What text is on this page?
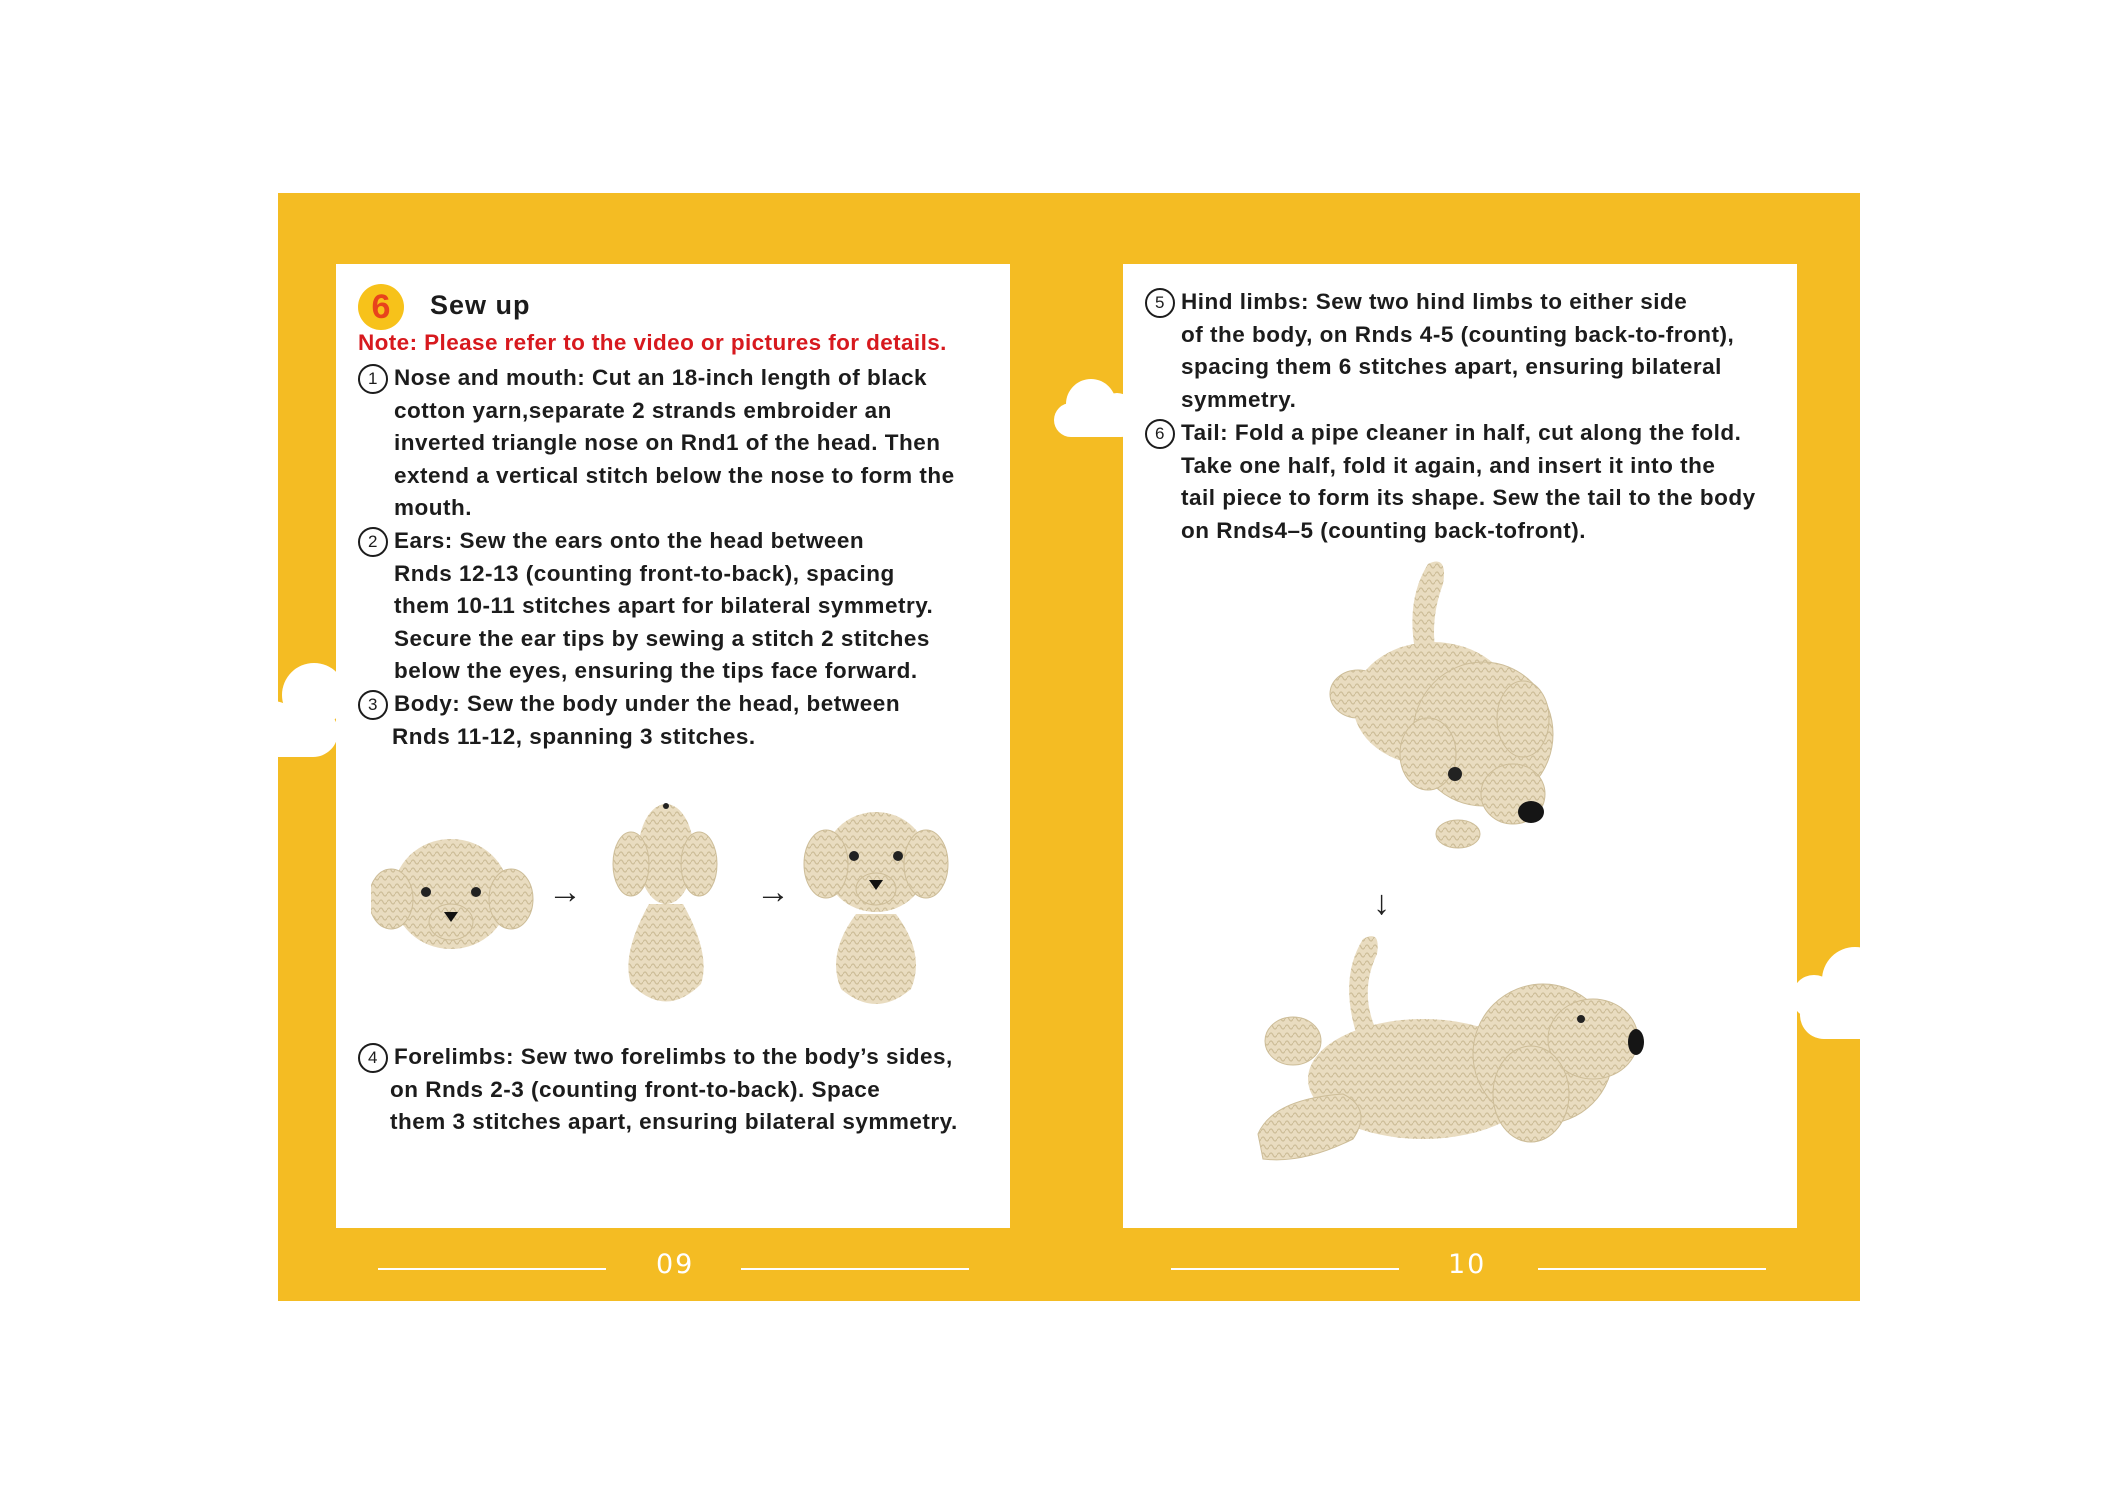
6	Sew up
Note: Please refer to the video or pictures for details.
1 Nose and mouth: Cut an 18-inch length of black
cotton yarn,separate 2 strands embroider an
inverted triangle nose on Rnd1 of the head. Then
extend a vertical stitch below the nose to form the
mouth.
2 Ears: Sew the ears onto the head between
Rnds 12-13 (counting front-to-back), spacing
them 10-11 stitches apart for bilateral symmetry.
Secure the ear tips by sewing a stitch 2 stitches
below the eyes, ensuring the tips face forward.
3 Body: Sew the body under the head, between
Rnds 11-12, spanning 3 stitches.
→	→
4 Forelimbs: Sew two forelimbs to the body’s sides,
on Rnds 2-3 (counting front-to-back). Space
them 3 stitches apart, ensuring bilateral symmetry.
5 Hind limbs: Sew two hind limbs to either side
of the body, on Rnds 4-5 (counting back-to-front),
spacing them 6 stitches apart, ensuring bilateral
symmetry.
6 Tail: Fold a pipe cleaner in half, cut along the fold.
Take one half, fold it again, and insert it into the
tail piece to form its shape. Sew the tail to the body
on Rnds4–5 (counting back-tofront).
↓
09	10
